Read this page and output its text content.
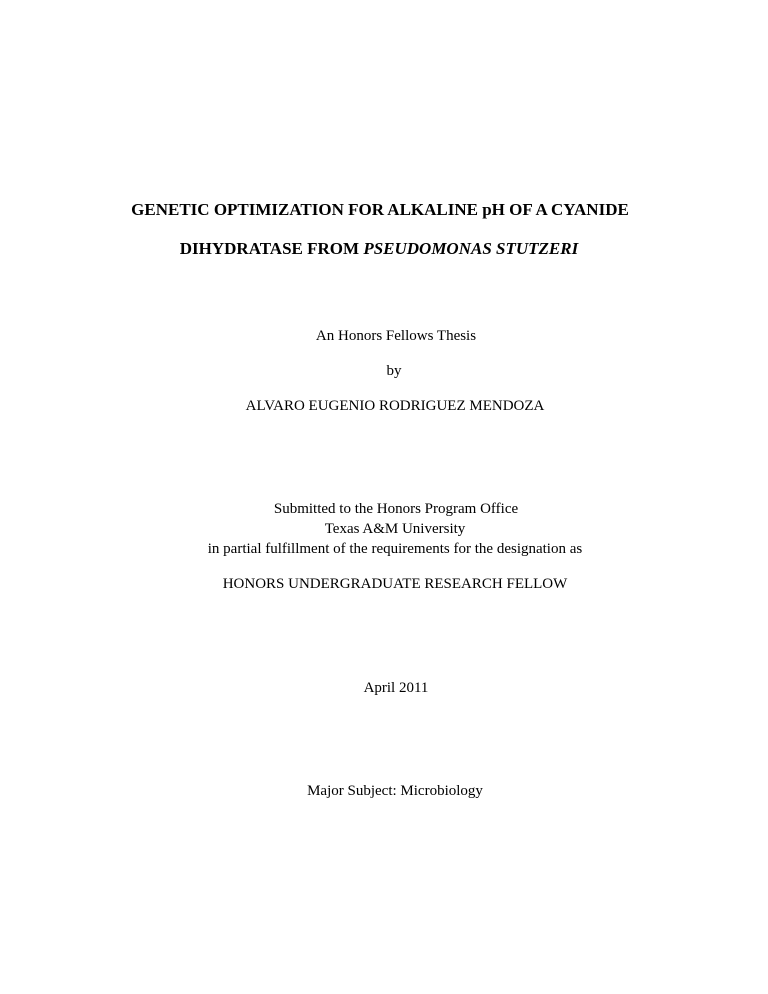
GENETIC OPTIMIZATION FOR ALKALINE pH OF A CYANIDE
DIHYDRATASE FROM PSEUDOMONAS STUTZERI
An Honors Fellows Thesis
by
ALVARO EUGENIO RODRIGUEZ MENDOZA
Submitted to the Honors Program Office
Texas A&M University
in partial fulfillment of the requirements for the designation as
HONORS UNDERGRADUATE RESEARCH FELLOW
April 2011
Major Subject: Microbiology
